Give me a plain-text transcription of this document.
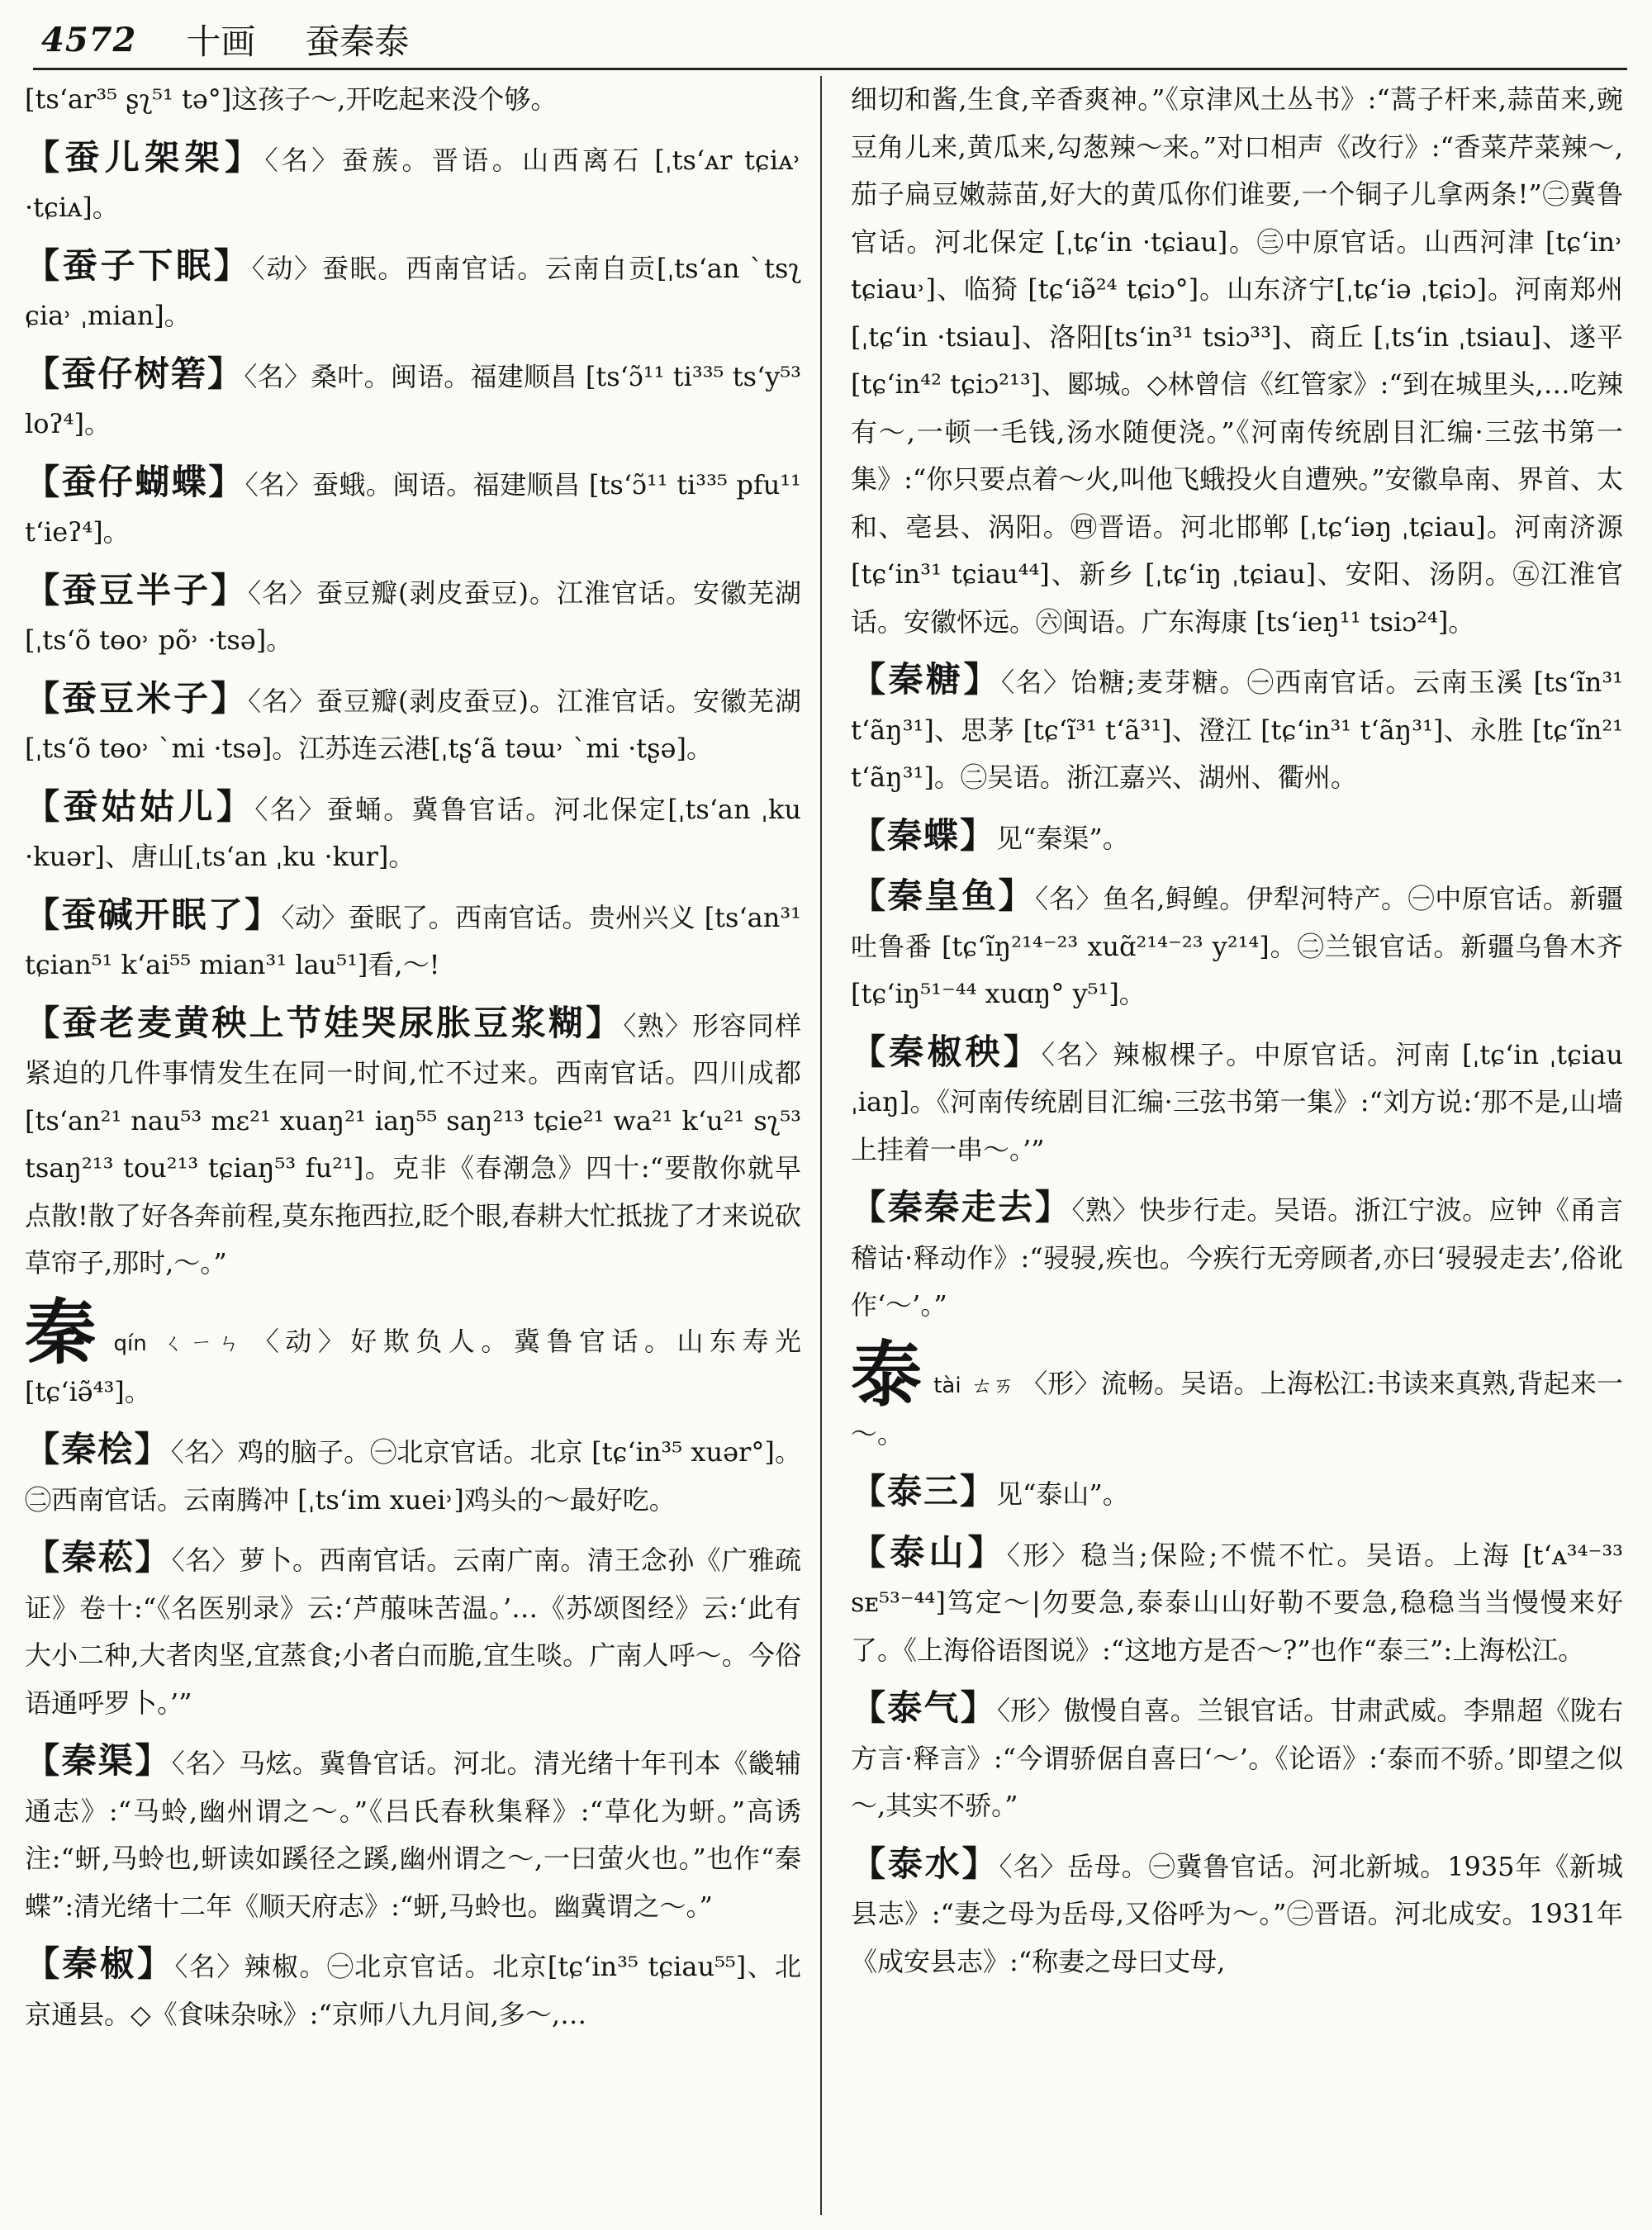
4572 十画 蚕秦泰

[tsʻar³⁵ ʂʅ⁵¹ tə°]这孩子～,开吃起来没个够。

【蚕儿架架】〈名〉蚕蔟。晋语。山西离石 [ˌtsʻᴀr tɕiᴀ˒ ·tɕiᴀ]。

【蚕子下眠】〈动〉蚕眠。西南官话。云南自贡[ˌtsʻan ˋtsʅ ɕia˒ ˌmian]。

【蚕仔树箬】〈名〉桑叶。闽语。福建顺昌 [tsʻɔ̃¹¹ ti³³⁵ tsʻy⁵³ loʔ⁴]。

【蚕仔蝴蝶】〈名〉蚕蛾。闽语。福建顺昌 [tsʻɔ̃¹¹ ti³³⁵ pfu¹¹ tʻieʔ⁴]。

【蚕豆半子】〈名〉蚕豆瓣(剥皮蚕豆)。江淮官话。安徽芜湖 [ˌtsʻõ tɵo˒ põ˒ ·tsə]。

【蚕豆米子】〈名〉蚕豆瓣(剥皮蚕豆)。江淮官话。安徽芜湖[ˌtsʻõ tɵo˒ ˋmi ·tsə]。江苏连云港[ˌtʂʻã təɯ˒ ˋmi ·tʂə]。

【蚕姑姑儿】〈名〉蚕蛹。冀鲁官话。河北保定[ˌtsʻan ˌku ·kuər]、唐山[ˌtsʻan ˌku ·kur]。

【蚕碱开眠了】〈动〉蚕眠了。西南官话。贵州兴义 [tsʻan³¹ tɕian⁵¹ kʻai⁵⁵ mian³¹ lau⁵¹]看,～!

【蚕老麦黄秧上节娃哭尿胀豆浆糊】〈熟〉形容同样紧迫的几件事情发生在同一时间,忙不过来。西南官话。四川成都 [tsʻan²¹ nau⁵³ mɛ²¹ xuaŋ²¹ iaŋ⁵⁵ saŋ²¹³ tɕie²¹ wa²¹ kʻu²¹ sʅ⁵³ tsaŋ²¹³ tou²¹³ tɕiaŋ⁵³ fu²¹]。克非《春潮急》四十:“要散你就早点散!散了好各奔前程,莫东拖西拉,眨个眼,春耕大忙抵拢了才来说砍草帘子,那时,～。”

秦qín ㄑㄧㄣ 〈动〉好欺负人。冀鲁官话。山东寿光 [tɕʻiə̃⁴³]。

【秦桧】〈名〉鸡的脑子。㊀北京官话。北京 [tɕʻin³⁵ xuər°]。㊁西南官话。云南腾冲 [ˌtsʻim xuei˒]鸡头的～最好吃。

【秦菘】〈名〉萝卜。西南官话。云南广南。清王念孙《广雅疏证》卷十:“《名医别录》云:‘芦菔味苦温。’…《苏颂图经》云:‘此有大小二种,大者肉坚,宜蒸食;小者白而脆,宜生啖。广南人呼～。今俗语通呼罗卜。’”

【秦渠】〈名〉马炫。冀鲁官话。河北。清光绪十年刊本《畿辅通志》:“马蛉,幽州谓之～。”《吕氏春秋集释》:“草化为蚈。”高诱注:“蚈,马蛉也,蚈读如蹊径之蹊,幽州谓之～,一曰萤火也。”也作“秦蝶”:清光绪十二年《顺天府志》:“蚈,马蛉也。幽冀谓之～。”

【秦椒】〈名〉辣椒。㊀北京官话。北京[tɕʻin³⁵ tɕiau⁵⁵]、北京通县。◇《食味杂咏》:“京师八九月间,多～,…

细切和酱,生食,辛香爽神。”《京津风土丛书》:“蒿子杆来,蒜苗来,豌豆角儿来,黄瓜来,勾葱辣～来。”对口相声《改行》:“香菜芹菜辣～,茄子扁豆嫩蒜苗,好大的黄瓜你们谁要,一个铜子儿拿两条!”㊁冀鲁官话。河北保定 [ˌtɕʻin ·tɕiau]。㊂中原官话。山西河津 [tɕʻin˒ tɕiau˒]、临猗 [tɕʻiə̃²⁴ tɕiɔ°]。山东济宁[ˌtɕʻiə ˌtɕiɔ]。河南郑州[ˌtɕʻin ·tsiau]、洛阳[tsʻin³¹ tsiɔ³³]、商丘 [ˌtsʻin ˌtsiau]、遂平 [tɕʻin⁴² tɕiɔ²¹³]、郾城。◇林曾信《红管家》:“到在城里头,…吃辣有～,一顿一毛钱,汤水随便浇。”《河南传统剧目汇编·三弦书第一集》:“你只要点着～火,叫他飞蛾投火自遭殃。”安徽阜南、界首、太和、亳县、涡阳。㊃晋语。河北邯郸 [ˌtɕʻiəŋ ˌtɕiau]。河南济源[tɕʻin³¹ tɕiau⁴⁴]、新乡 [ˌtɕʻiŋ ˌtɕiau]、安阳、汤阴。㊄江淮官话。安徽怀远。㊅闽语。广东海康 [tsʻieŋ¹¹ tsiɔ²⁴]。

【秦糖】〈名〉饴糖;麦芽糖。㊀西南官话。云南玉溪 [tsʻĩn³¹ tʻãŋ³¹]、思茅 [tɕʻĩ³¹ tʻã³¹]、澄江 [tɕʻin³¹ tʻãŋ³¹]、永胜 [tɕʻĩn²¹ tʻãŋ³¹]。㊁吴语。浙江嘉兴、湖州、衢州。

【秦蝶】见“秦渠”。

【秦皇鱼】〈名〉鱼名,鲟鳇。伊犁河特产。㊀中原官话。新疆吐鲁番 [tɕʻĩŋ²¹⁴⁻²³ xuɑ̃²¹⁴⁻²³ y²¹⁴]。㊁兰银官话。新疆乌鲁木齐 [tɕʻiŋ⁵¹⁻⁴⁴ xuɑŋ° y⁵¹]。

【秦椒秧】〈名〉辣椒棵子。中原官话。河南 [ˌtɕʻin ˌtɕiau ˌiaŋ]。《河南传统剧目汇编·三弦书第一集》:“刘方说:‘那不是,山墙上挂着一串～。’”

【秦秦走去】〈熟〉快步行走。吴语。浙江宁波。应钟《甬言稽诂·释动作》:“骎骎,疾也。今疾行无旁顾者,亦曰‘骎骎走去’,俗讹作‘～’。”

泰tài ㄊㄞ 〈形〉流畅。吴语。上海松江:书读来真熟,背起来一～。

【泰三】见“泰山”。

【泰山】〈形〉稳当;保险;不慌不忙。吴语。上海 [tʻᴀ³⁴⁻³³ sᴇ⁵³⁻⁴⁴]笃定～|勿要急,泰泰山山好勒不要急,稳稳当当慢慢来好了。《上海俗语图说》:“这地方是否～?”也作“泰三”:上海松江。

【泰气】〈形〉傲慢自喜。兰银官话。甘肃武威。李鼎超《陇右方言·释言》:“今谓骄倨自喜曰‘～’。《论语》:‘泰而不骄。’即望之似～,其实不骄。”

【泰水】〈名〉岳母。㊀冀鲁官话。河北新城。1935年《新城县志》:“妻之母为岳母,又俗呼为～。”㊁晋语。河北成安。1931年《成安县志》:“称妻之母曰丈母,
